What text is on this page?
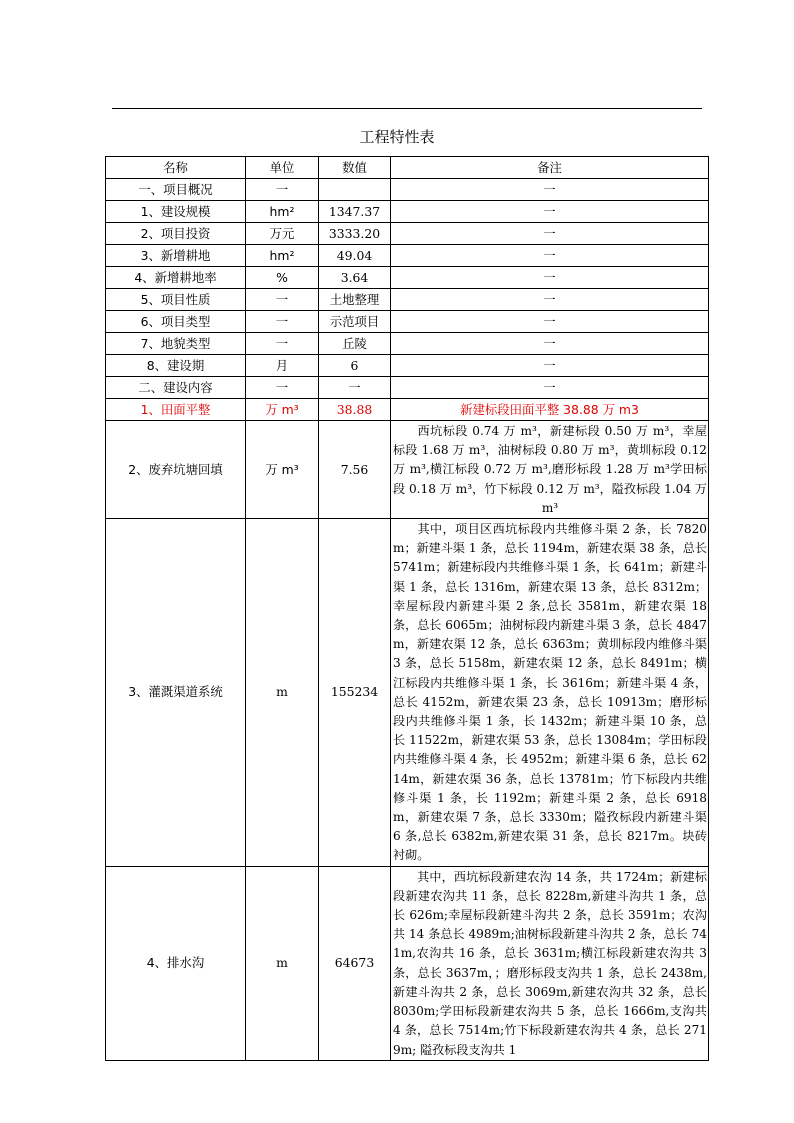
工程特性表
名称	单位	数值	备注
一、项目概况	一		一
1、建设规模	hm²	1347.37	一
2、项目投资	万元	3333.20	一
3、新增耕地	hm²	49.04	一
4、新增耕地率	%	3.64	一
5、项目性质	一	土地整理	一
6、项目类型	一	示范项目	一
7、地貌类型	一	丘陵	一
8、建设期	月	6	一
二、建设内容	一	一	一
1、田面平整	万 m³	38.88	新建标段田面平整 38.88 万 m3
2、废弃坑塘回填	万 m³	7.56	西坑标段 0.74 万 m³，新建标段 0.50 万 m³，幸屋标段 1.68 万 m³，油树标段 0.80 万 m³，黄圳标段 0.12 万 m³,横江标段 0.72 万 m³,磨形标段 1.28 万 m³学田标段 0.18 万 m³，竹下标段 0.12 万 m³，隘孜标段 1.04 万 m³
3、灌溉渠道系统	m	155234	其中，项目区西坑标段内共维修斗渠 2 条，长 7820m；新建斗渠 1 条，总长 1194m，新建农渠 38 条，总长 5741m；新建标段内共维修斗渠 1 条，长 641m；新建斗渠 1 条，总长 1316m，新建农渠 13 条，总长 8312m；幸屋标段内新建斗渠 2 条,总长 3581m，新建农渠 18 条，总长 6065m；油树标段内新建斗渠 3 条，总长 4847m，新建农渠 12 条，总长 6363m；黄圳标段内维修斗渠 3 条，总长 5158m，新建农渠 12 条，总长 8491m；横江标段内共维修斗渠 1 条，长 3616m；新建斗渠 4 条，总长 4152m，新建农渠 23 条，总长 10913m；磨形标段内共维修斗渠 1 条，长 1432m；新建斗渠 10 条，总长 11522m，新建农渠 53 条，总长 13084m；学田标段内共维修斗渠 4 条，长 4952m；新建斗渠 6 条，总长 6214m，新建农渠 36 条，总长 13781m；竹下标段内共维修斗渠 1 条，长 1192m；新建斗渠 2 条，总长 6918m，新建农渠 7 条，总长 3330m；隘孜标段内新建斗渠 6 条,总长 6382m,新建农渠 31 条，总长 8217m。块砖衬砌。
4、排水沟	m	64673	其中，西坑标段新建农沟 14 条，共 1724m；新建标段新建农沟共 11 条，总长 8228m,新建斗沟共 1 条，总长 626m;幸屋标段新建斗沟共 2 条，总长 3591m；农沟共 14 条总长 4989m;油树标段新建斗沟共 2 条，总长 741m,农沟共 16 条，总长 3631m;横江标段新建农沟共 3 条，总长 3637m，；磨形标段支沟共 1 条，总长 2438m,新建斗沟共 2 条，总长 3069m,新建农沟共 32 条，总长 8030m;学田标段新建农沟共 5 条，总长 1666m,支沟共 4 条，总长 7514m;竹下标段新建农沟共 4 条，总长 2719m; 隘孜标段支沟共 1
